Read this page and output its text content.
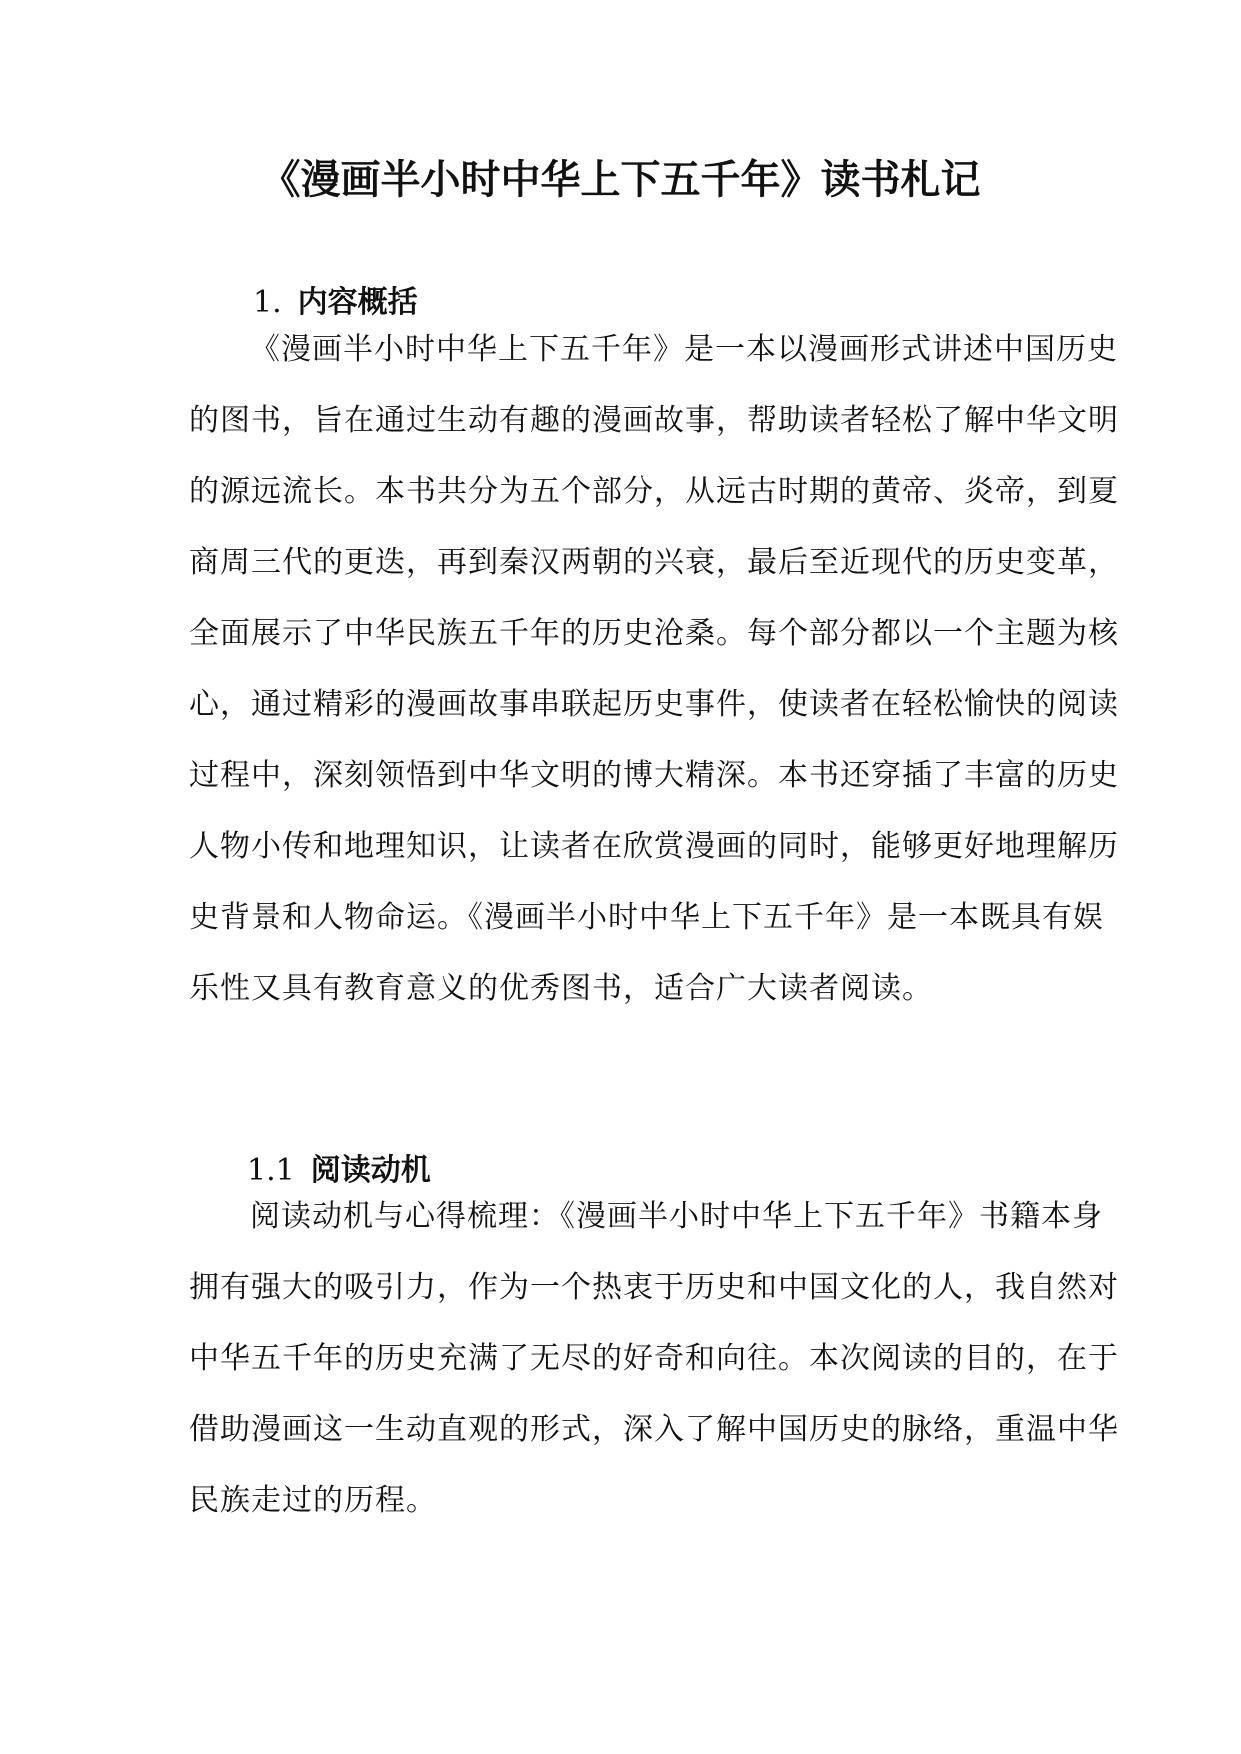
《漫画半小时中华上下五千年》读书札记
1. 内容概括
《漫画半小时中华上下五千年》是一本以漫画形式讲述中国历史
的图书，旨在通过生动有趣的漫画故事，帮助读者轻松了解中华文明
的源远流长。本书共分为五个部分，从远古时期的黄帝、炎帝，到夏
商周三代的更迭，再到秦汉两朝的兴衰，最后至近现代的历史变革，
全面展示了中华民族五千年的历史沧桑。每个部分都以一个主题为核
心，通过精彩的漫画故事串联起历史事件，使读者在轻松愉快的阅读
过程中，深刻领悟到中华文明的博大精深。本书还穿插了丰富的历史
人物小传和地理知识，让读者在欣赏漫画的同时，能够更好地理解历
史背景和人物命运。《漫画半小时中华上下五千年》是一本既具有娱
乐性又具有教育意义的优秀图书，适合广大读者阅读。
1.1 阅读动机
阅读动机与心得梳理：《漫画半小时中华上下五千年》书籍本身
拥有强大的吸引力，作为一个热衷于历史和中国文化的人，我自然对
中华五千年的历史充满了无尽的好奇和向往。本次阅读的目的，在于
借助漫画这一生动直观的形式，深入了解中国历史的脉络，重温中华
民族走过的历程。
